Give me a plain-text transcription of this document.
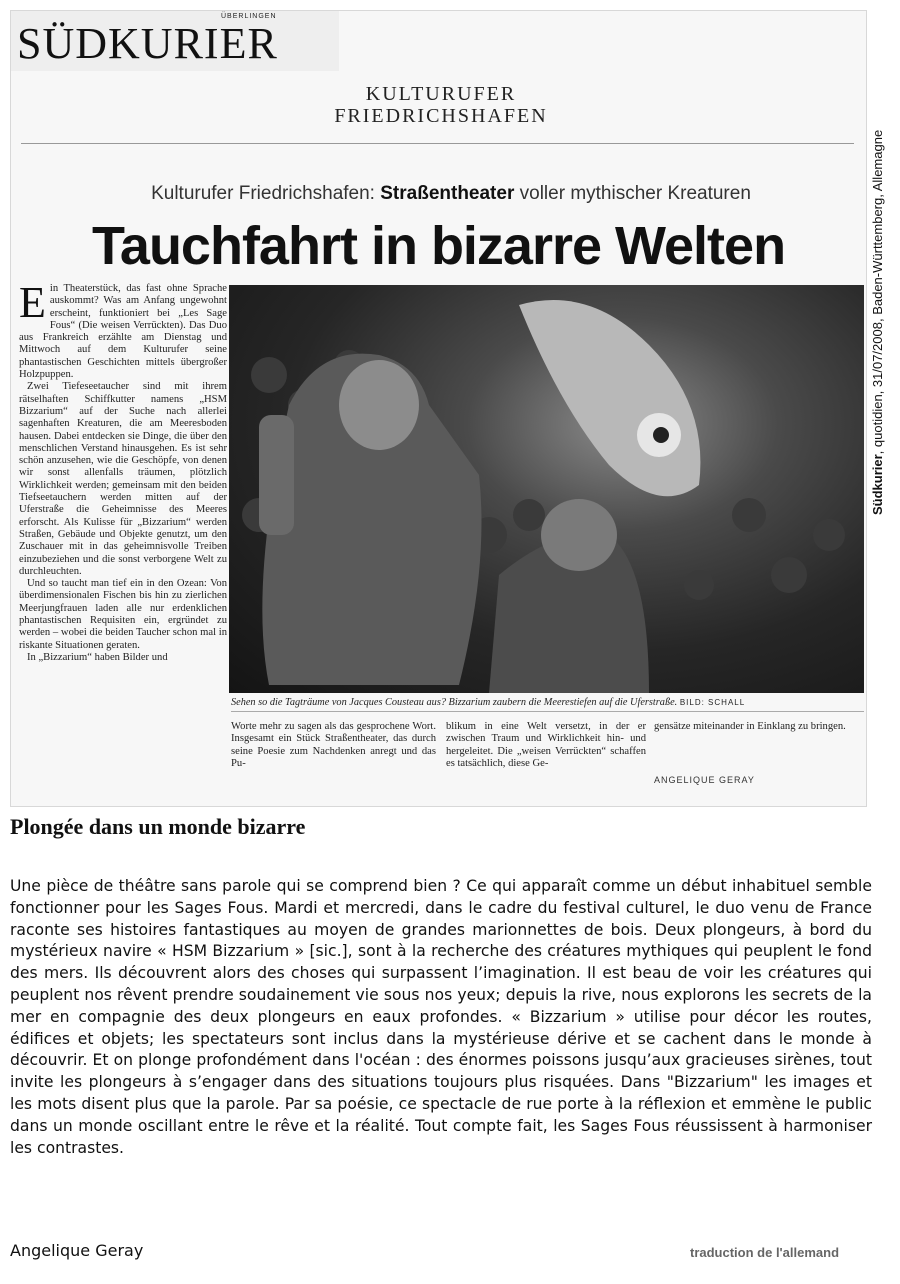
ÜBERLINGEN
SÜDKURIER
KULTURUFER
FRIEDRICHSHAFEN
Kulturufer Friedrichshafen: Straßentheater voller mythischer Kreaturen
Tauchfahrt in bizarre Welten

Ein Theaterstück, das fast ohne Sprache auskommt? Was am Anfang ungewohnt erscheint, funktioniert bei „Les Sage Fous“ (Die weisen Verrückten). Das Duo aus Frankreich erzählte am Dienstag und Mittwoch auf dem Kulturufer seine phantastischen Geschichten mittels übergroßer Holzpuppen.

Zwei Tiefeseetaucher sind mit ihrem rätselhaften Schiffkutter namens „HSM Bizzarium“ auf der Suche nach allerlei sagenhaften Kreaturen, die am Meeresboden hausen. Dabei entdecken sie Dinge, die über den menschlichen Verstand hinausgehen. Es ist sehr schön anzusehen, wie die Geschöpfe, von denen wir sonst allenfalls träumen, plötzlich Wirklichkeit werden; gemeinsam mit den beiden Tiefseetauchern werden mitten auf der Uferstraße die Geheimnisse des Meeres erforscht. Als Kulisse für „Bizzarium“ werden Straßen, Gebäude und Objekte genutzt, um den Zuschauer mit in das geheimnisvolle Treiben einzubeziehen und die sonst verborgene Welt zu durchleuchten.

Und so taucht man tief ein in den Ozean: Von überdimensionalen Fischen bis hin zu zierlichen Meerjungfrauen laden alle nur erdenklichen phantastischen Requisiten ein, ergründet zu werden – wobei die beiden Taucher schon mal in riskante Situationen geraten.

In „Bizzarium“ haben Bilder und

Sehen so die Tagträume von Jacques Cousteau aus? Bizzarium zaubern die Meerestiefen auf die Uferstraße. BILD: SCHALL
Worte mehr zu sagen als das gesprochene Wort. Insgesamt ein Stück Straßentheater, das durch seine Poesie zum Nachdenken anregt und das Pu-
blikum in eine Welt versetzt, in der er zwischen Traum und Wirklichkeit hin- und hergeleitet. Die „weisen Verrückten“ schaffen es tatsächlich, diese Ge-
gensätze miteinander in Einklang zu bringen.
ANGELIQUE GERAY
Südkurier, quotidien, 31/07/2008, Baden-Württemberg, Allemagne
Plongée dans un monde bizarre
Une pièce de théâtre sans parole qui se comprend bien ? Ce qui apparaît comme un début inhabituel semble fonctionner pour les Sages Fous. Mardi et mercredi, dans le cadre du festival culturel, le duo venu de France raconte ses histoires fantastiques au moyen de grandes marionnettes de bois. Deux plongeurs, à bord du mystérieux navire « HSM Bizzarium » [sic.], sont à la recherche des créatures mythiques qui peuplent le fond des mers. Ils découvrent alors des choses qui surpassent l’imagination. Il est beau de voir les créatures qui peuplent nos rêvent prendre soudainement vie sous nos yeux; depuis la rive, nous explorons les secrets de la mer en compagnie des deux plongeurs en eaux profondes. « Bizzarium » utilise pour décor les routes, édifices et objets; les spectateurs sont inclus dans la mystérieuse dérive et se cachent dans le monde à découvrir. Et on plonge profondément dans l'océan : des énormes poissons jusqu’aux gracieuses sirènes, tout invite les plongeurs à s’engager dans des situations toujours plus risquées. Dans "Bizzarium" les images et les mots disent plus que la parole. Par sa poésie, ce spectacle de rue porte à la réflexion et emmène le public dans un monde oscillant entre le rêve et la réalité. Tout compte fait, les Sages Fous réussissent à harmoniser les contrastes.
Angelique Geray	traduction de l'allemand
